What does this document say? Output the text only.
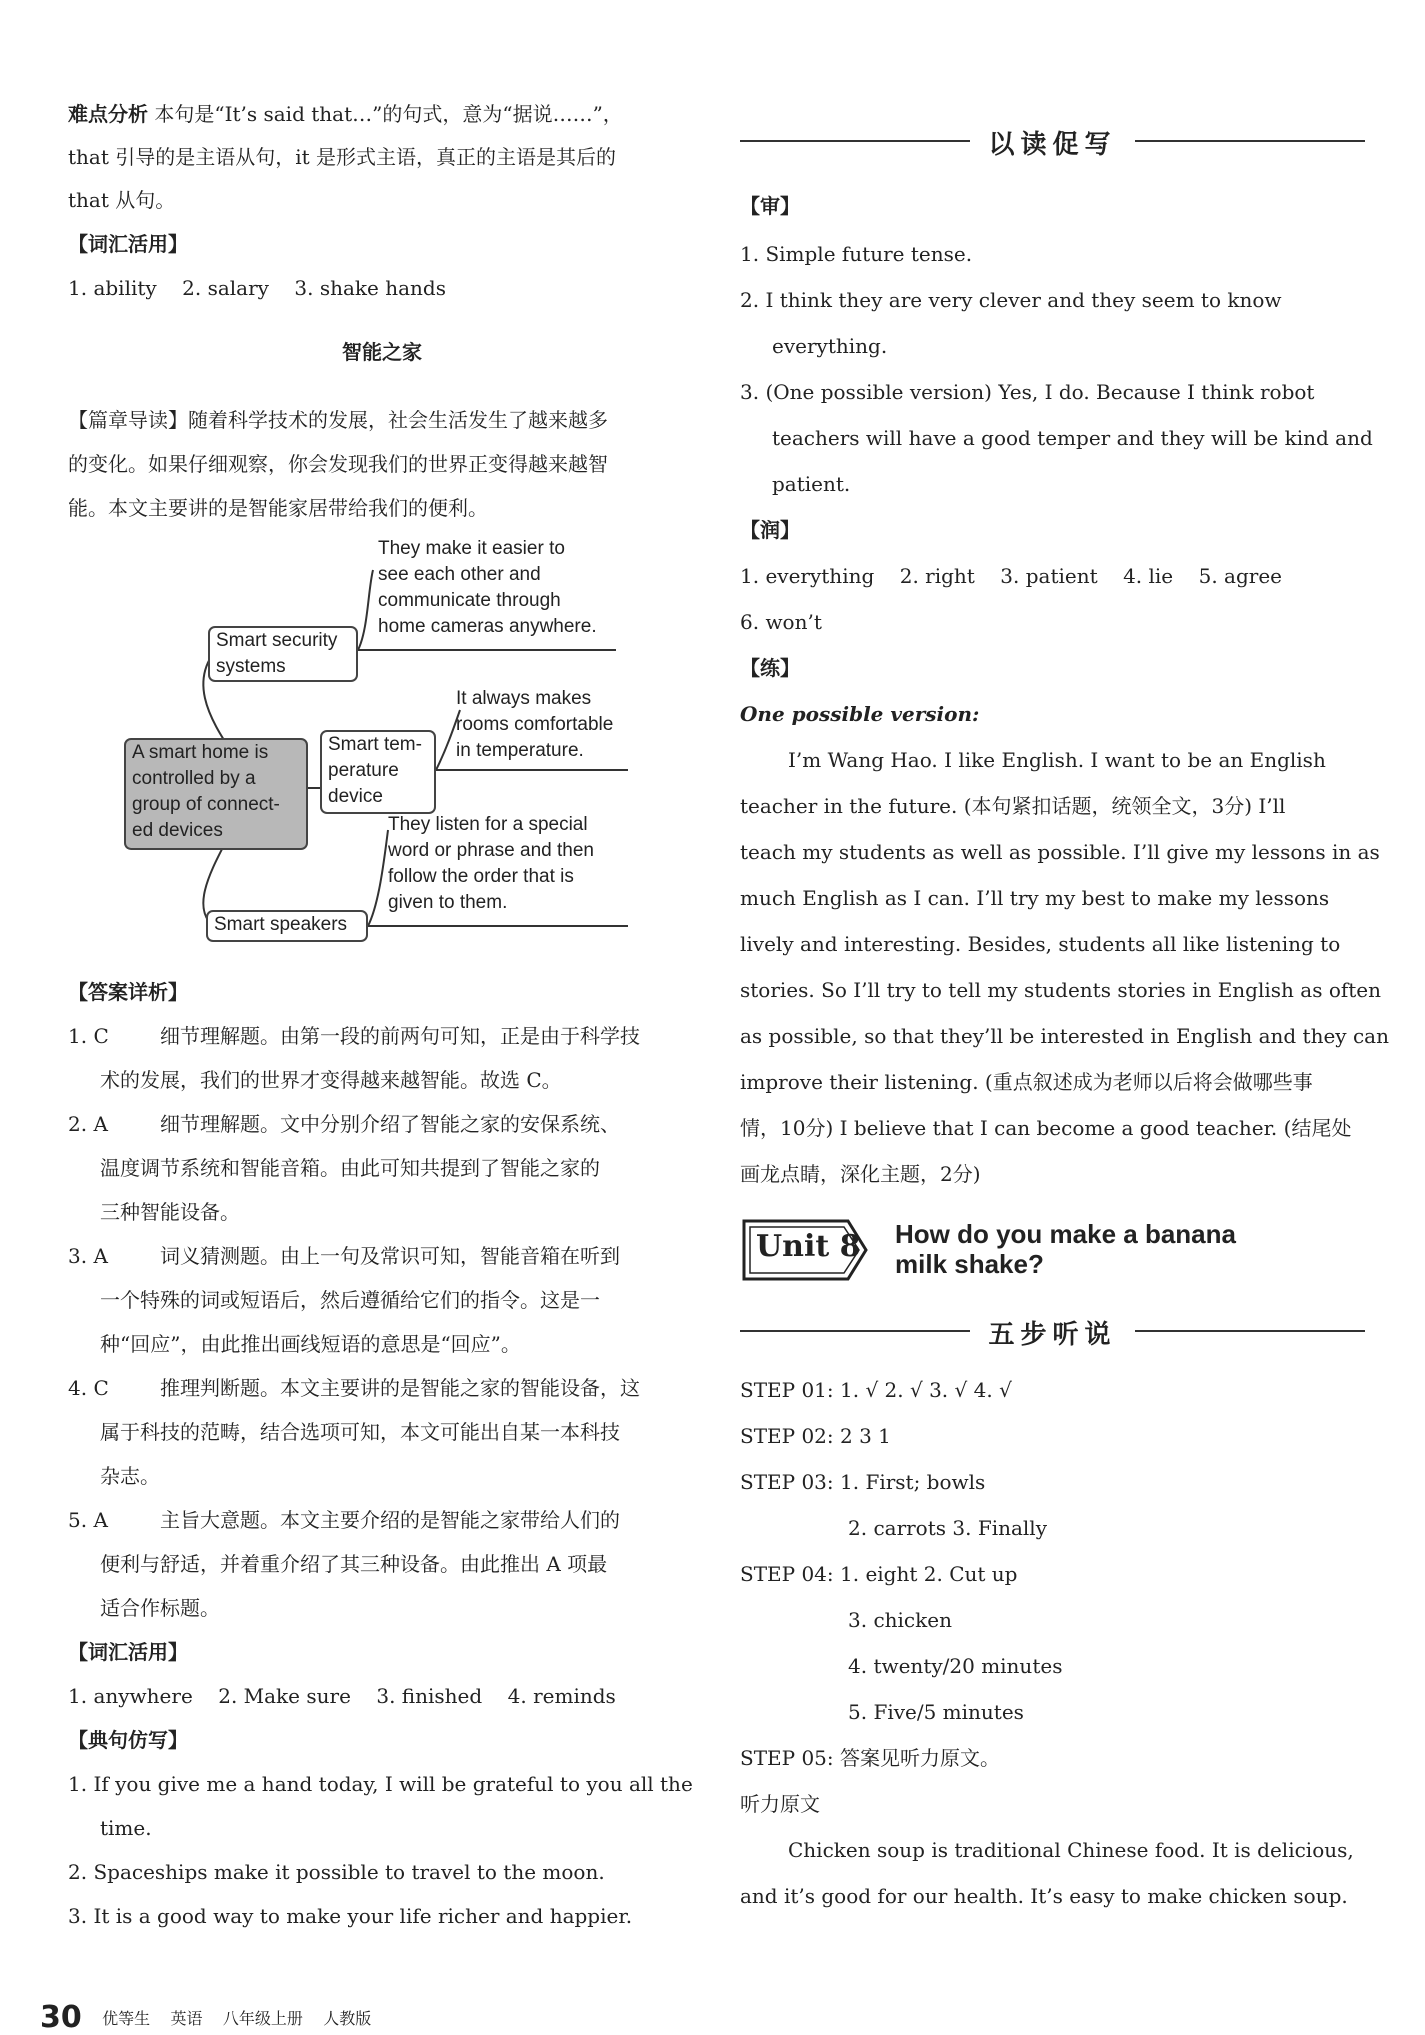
难点分析 本句是“It’s said that…”的句式，意为“据说……”，
that 引导的是主语从句，it 是形式主语，真正的主语是其后的
that 从句。
【词汇活用】
1. ability 2. salary 3. shake hands
智能之家
【篇章导读】随着科学技术的发展，社会生活发生了越来越多
的变化。如果仔细观察，你会发现我们的世界正变得越来越智
能。本文主要讲的是智能家居带给我们的便利。
A smart home is
controlled by a
group of connect-
ed devices
Smart security
systems
They make it easier to
see each other and
communicate through
home cameras anywhere.
Smart tem-
perature
device
It always makes
rooms comfortable
in temperature.
Smart speakers
They listen for a special
word or phrase and then
follow the order that is
given to them.
【答案详析】
1. C	细节理解题。由第一段的前两句可知，正是由于科学技
术的发展，我们的世界才变得越来越智能。故选 C。
2. A	细节理解题。文中分别介绍了智能之家的安保系统、
温度调节系统和智能音箱。由此可知共提到了智能之家的
三种智能设备。
3. A	词义猜测题。由上一句及常识可知，智能音箱在听到
一个特殊的词或短语后，然后遵循给它们的指令。这是一
种“回应”，由此推出画线短语的意思是“回应”。
4. C	推理判断题。本文主要讲的是智能之家的智能设备，这
属于科技的范畴，结合选项可知，本文可能出自某一本科技
杂志。
5. A	主旨大意题。本文主要介绍的是智能之家带给人们的
便利与舒适，并着重介绍了其三种设备。由此推出 A 项最
适合作标题。
【词汇活用】
1. anywhere 2. Make sure 3. finished 4. reminds
【典句仿写】
1. If you give me a hand today, I will be grateful to you all the
time.
2. Spaceships make it possible to travel to the moon.
3. It is a good way to make your life richer and happier.
以读促写
【审】
1. Simple future tense.
2. I think they are very clever and they seem to know
everything.
3. (One possible version) Yes, I do. Because I think robot
teachers will have a good temper and they will be kind and
patient.
【润】
1. everything 2. right 3. patient 4. lie 5. agree
6. won’t
【练】
One possible version:
I’m Wang Hao. I like English. I want to be an English
teacher in the future. (本句紧扣话题，统领全文，3分) I’ll
teach my students as well as possible. I’ll give my lessons in as
much English as I can. I’ll try my best to make my lessons
lively and interesting. Besides, students all like listening to
stories. So I’ll try to tell my students stories in English as often
as possible, so that they’ll be interested in English and they can
improve their listening. (重点叙述成为老师以后将会做哪些事
情，10分) I believe that I can become a good teacher. (结尾处
画龙点睛，深化主题，2分)
Unit 8 How do you make a banana
milk shake?
五步听说
STEP 01: 1. √ 2. √ 3. √ 4. √
STEP 02: 2 3 1
STEP 03: 1. First; bowls
2. carrots 3. Finally
STEP 04: 1. eight 2. Cut up
3. chicken
4. twenty/20 minutes
5. Five/5 minutes
STEP 05: 答案见听力原文。
听力原文
Chicken soup is traditional Chinese food. It is delicious,
and it’s good for our health. It’s easy to make chicken soup.
30 优等生 英语 八年级上册 人教版
